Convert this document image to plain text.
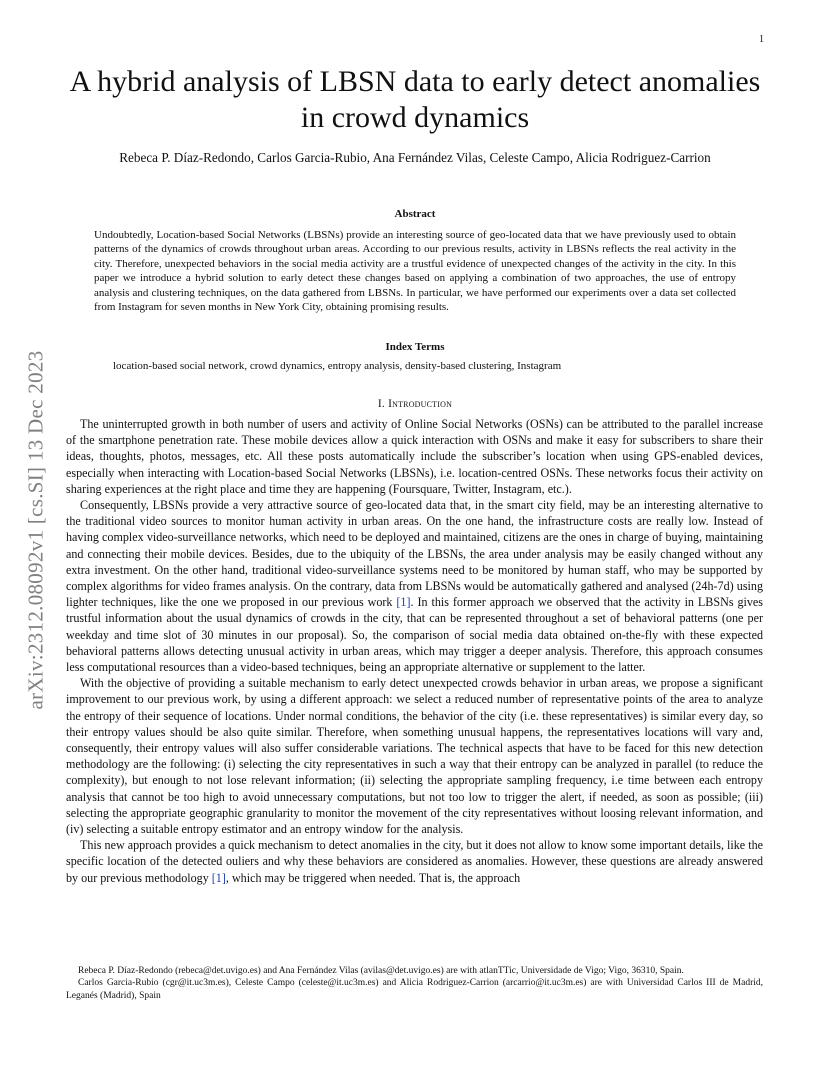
1
arXiv:2312.08092v1 [cs.SI] 13 Dec 2023
A hybrid analysis of LBSN data to early detect anomalies in crowd dynamics
Rebeca P. Díaz-Redondo, Carlos Garcia-Rubio, Ana Fernández Vilas, Celeste Campo, Alicia Rodriguez-Carrion
Abstract

Undoubtedly, Location-based Social Networks (LBSNs) provide an interesting source of geo-located data that we have previously used to obtain patterns of the dynamics of crowds throughout urban areas. According to our previous results, activity in LBSNs reflects the real activity in the city. Therefore, unexpected behaviors in the social media activity are a trustful evidence of unexpected changes of the activity in the city. In this paper we introduce a hybrid solution to early detect these changes based on applying a combination of two approaches, the use of entropy analysis and clustering techniques, on the data gathered from LBSNs. In particular, we have performed our experiments over a data set collected from Instagram for seven months in New York City, obtaining promising results.

Index Terms

location-based social network, crowd dynamics, entropy analysis, density-based clustering, Instagram

I. Introduction

The uninterrupted growth in both number of users and activity of Online Social Networks (OSNs) can be attributed to the parallel increase of the smartphone penetration rate. These mobile devices allow a quick interaction with OSNs and make it easy for subscribers to share their ideas, thoughts, photos, messages, etc. All these posts automatically include the subscriber’s location when using GPS-enabled devices, especially when interacting with Location-based Social Networks (LBSNs), i.e. location-centred OSNs. These networks focus their activity on sharing experiences at the right place and time they are happening (Foursquare, Twitter, Instagram, etc.).

Consequently, LBSNs provide a very attractive source of geo-located data that, in the smart city field, may be an interesting alternative to the traditional video sources to monitor human activity in urban areas. On the one hand, the infrastructure costs are really low. Instead of having complex video-surveillance networks, which need to be deployed and maintained, citizens are the ones in charge of buying, maintaining and connecting their mobile devices. Besides, due to the ubiquity of the LBSNs, the area under analysis may be easily changed without any extra investment. On the other hand, traditional video-surveillance systems need to be monitored by human staff, who may be supported by complex algorithms for video frames analysis. On the contrary, data from LBSNs would be automatically gathered and analysed (24h-7d) using lighter techniques, like the one we proposed in our previous work [1]. In this former approach we observed that the activity in LBSNs gives trustful information about the usual dynamics of crowds in the city, that can be represented throughout a set of behavioral patterns (one per weekday and time slot of 30 minutes in our proposal). So, the comparison of social media data obtained on-the-fly with these expected behavioral patterns allows detecting unusual activity in urban areas, which may trigger a deeper analysis. Therefore, this approach consumes less computational resources than a video-based techniques, being an appropriate alternative or supplement to the latter.

With the objective of providing a suitable mechanism to early detect unexpected crowds behavior in urban areas, we propose a significant improvement to our previous work, by using a different approach: we select a reduced number of representative points of the area to analyze the entropy of their sequence of locations. Under normal conditions, the behavior of the city (i.e. these representatives) is similar every day, so their entropy values should be also quite similar. Therefore, when something unusual happens, the representatives locations will vary and, consequently, their entropy values will also suffer considerable variations. The technical aspects that have to be faced for this new detection methodology are the following: (i) selecting the city representatives in such a way that their entropy can be analyzed in parallel (to reduce the complexity), but enough to not lose relevant information; (ii) selecting the appropriate sampling frequency, i.e time between each entropy analysis that cannot be too high to avoid unnecessary computations, but not too low to trigger the alert, if needed, as soon as possible; (iii) selecting the appropriate geographic granularity to monitor the movement of the city representatives without loosing relevant information, and (iv) selecting a suitable entropy estimator and an entropy window for the analysis.

This new approach provides a quick mechanism to detect anomalies in the city, but it does not allow to know some important details, like the specific location of the detected ouliers and why these behaviors are considered as anomalies. However, these questions are already answered by our previous methodology [1], which may be triggered when needed. That is, the approach

Rebeca P. Díaz-Redondo (rebeca@det.uvigo.es) and Ana Fernández Vilas (avilas@det.uvigo.es) are with atlanTTic, Universidade de Vigo; Vigo, 36310, Spain.

Carlos Garcia-Rubio (cgr@it.uc3m.es), Celeste Campo (celeste@it.uc3m.es) and Alicia Rodriguez-Carrion (arcarrio@it.uc3m.es) are with Universidad Carlos III de Madrid, Leganés (Madrid), Spain
